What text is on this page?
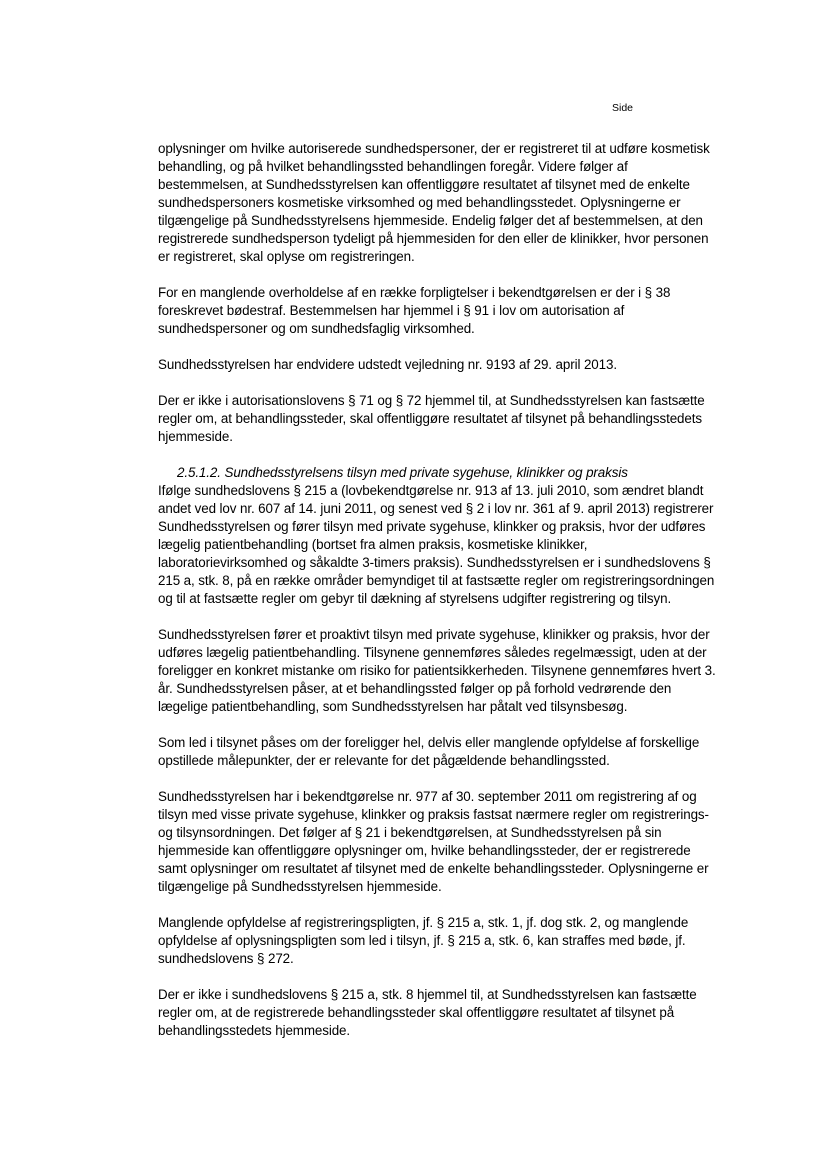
Side

oplysninger om hvilke autoriserede sundhedspersoner, der er registreret til at udføre kosmetisk
behandling, og på hvilket behandlingssted behandlingen foregår. Videre følger af
bestemmelsen, at Sundhedsstyrelsen kan offentliggøre resultatet af tilsynet med de enkelte
sundhedspersoners kosmetiske virksomhed og med behandlingsstedet. Oplysningerne er
tilgængelige på Sundhedsstyrelsens hjemmeside. Endelig følger det af bestemmelsen, at den
registrerede sundhedsperson tydeligt på hjemmesiden for den eller de klinikker, hvor personen
er registreret, skal oplyse om registreringen.

For en manglende overholdelse af en række forpligtelser i bekendtgørelsen er der i § 38
foreskrevet bødestraf. Bestemmelsen har hjemmel i § 91 i lov om autorisation af
sundhedspersoner og om sundhedsfaglig virksomhed.

Sundhedsstyrelsen har endvidere udstedt vejledning nr. 9193 af 29. april 2013.

Der er ikke i autorisationslovens § 71 og § 72 hjemmel til, at Sundhedsstyrelsen kan fastsætte
regler om, at behandlingssteder, skal offentliggøre resultatet af tilsynet på behandlingsstedets
hjemmeside.

2.5.1.2. Sundhedsstyrelsens tilsyn med private sygehuse, klinikker og praksis

Ifølge sundhedslovens § 215 a (lovbekendtgørelse nr. 913 af 13. juli 2010, som ændret blandt
andet ved lov nr. 607 af 14. juni 2011, og senest ved § 2 i lov nr. 361 af 9. april 2013) registrerer
Sundhedsstyrelsen og fører tilsyn med private sygehuse, klinkker og praksis, hvor der udføres
lægelig patientbehandling (bortset fra almen praksis, kosmetiske klinikker,
laboratorievirksomhed og såkaldte 3-timers praksis). Sundhedsstyrelsen er i sundhedslovens §
215 a, stk. 8, på en række områder bemyndiget til at fastsætte regler om registreringsordningen
og til at fastsætte regler om gebyr til dækning af styrelsens udgifter registrering og tilsyn.

Sundhedsstyrelsen fører et proaktivt tilsyn med private sygehuse, klinikker og praksis, hvor der
udføres lægelig patientbehandling. Tilsynene gennemføres således regelmæssigt, uden at der
foreligger en konkret mistanke om risiko for patientsikkerheden. Tilsynene gennemføres hvert 3.
år. Sundhedsstyrelsen påser, at et behandlingssted følger op på forhold vedrørende den
lægelige patientbehandling, som Sundhedsstyrelsen har påtalt ved tilsynsbesøg.

Som led i tilsynet påses om der foreligger hel, delvis eller manglende opfyldelse af forskellige
opstillede målepunkter, der er relevante for det pågældende behandlingssted.

Sundhedsstyrelsen har i bekendtgørelse nr. 977 af 30. september 2011 om registrering af og
tilsyn med visse private sygehuse, klinkker og praksis fastsat nærmere regler om registrerings-
og tilsynsordningen. Det følger af § 21 i bekendtgørelsen, at Sundhedsstyrelsen på sin
hjemmeside kan offentliggøre oplysninger om, hvilke behandlingssteder, der er registrerede
samt oplysninger om resultatet af tilsynet med de enkelte behandlingssteder. Oplysningerne er
tilgængelige på Sundhedsstyrelsen hjemmeside.

Manglende opfyldelse af registreringspligten, jf. § 215 a, stk. 1, jf. dog stk. 2, og manglende
opfyldelse af oplysningspligten som led i tilsyn, jf. § 215 a, stk. 6, kan straffes med bøde, jf.
sundhedslovens § 272.

Der er ikke i sundhedslovens § 215 a, stk. 8 hjemmel til, at Sundhedsstyrelsen kan fastsætte
regler om, at de registrerede behandlingssteder skal offentliggøre resultatet af tilsynet på
behandlingsstedets hjemmeside.
